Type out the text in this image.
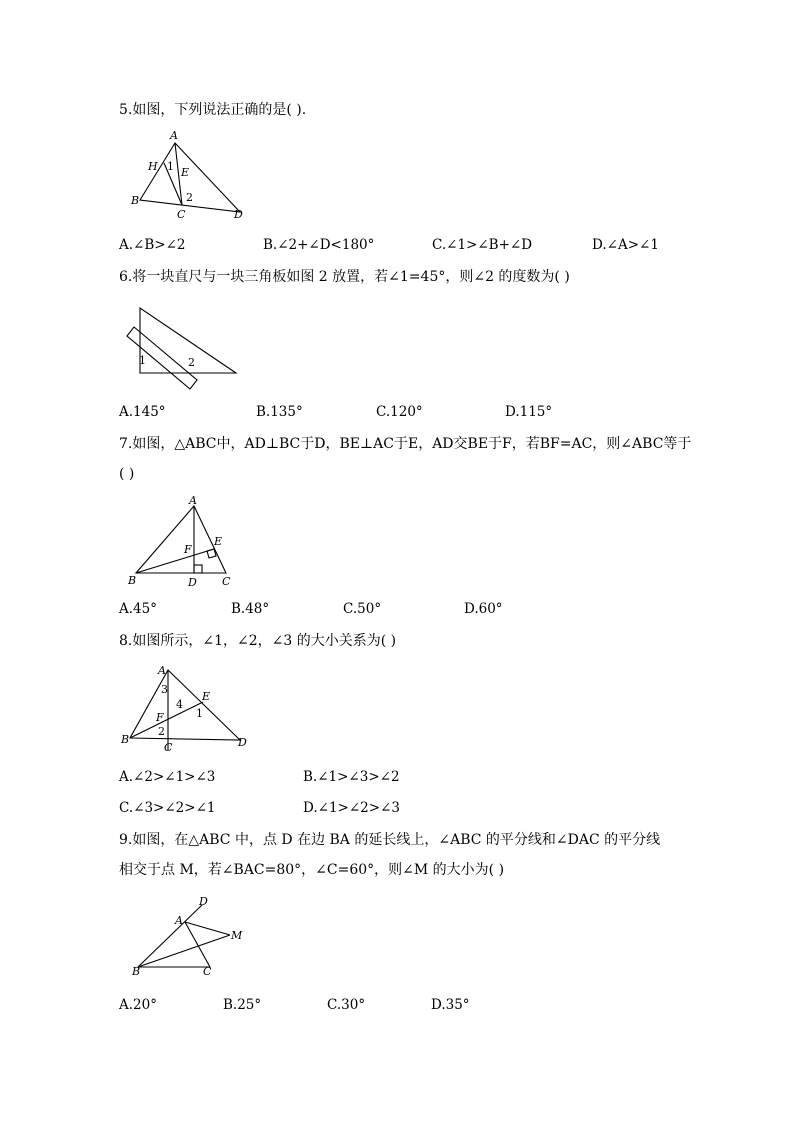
5.如图，下列说法正确的是( ).
A
H 1 E
2
B
C	D
A.∠B>∠2	B.∠2+∠D<180°	C.∠1>∠B+∠D	D.∠A>∠1
6.将一块直尺与一块三角板如图 2 放置，若∠1=45°，则∠2 的度数为( )
1	2
A.145°	B.135°	C.120°	D.115°
7.如图，△ABC中，AD⊥BC于D，BE⊥AC于E，AD交BE于F，若BF=AC，则∠ABC等于
( )
A
F
E
B	D C
A.45°	B.48°	C.50°	D.60°
8.如图所示，∠1，∠2，∠3 的大小关系为( )
A
3
E
4
1
F
2
B
C	D
A.∠2>∠1>∠3	B.∠1>∠3>∠2
C.∠3>∠2>∠1	D.∠1>∠2>∠3
9.如图，在△ABC 中，点 D 在边 BA 的延长线上，∠ABC 的平分线和∠DAC 的平分线
相交于点 M，若∠BAC=80°，∠C=60°，则∠M 的大小为( )
D
A
M
B	C
A.20°	B.25°	C.30°	D.35°
